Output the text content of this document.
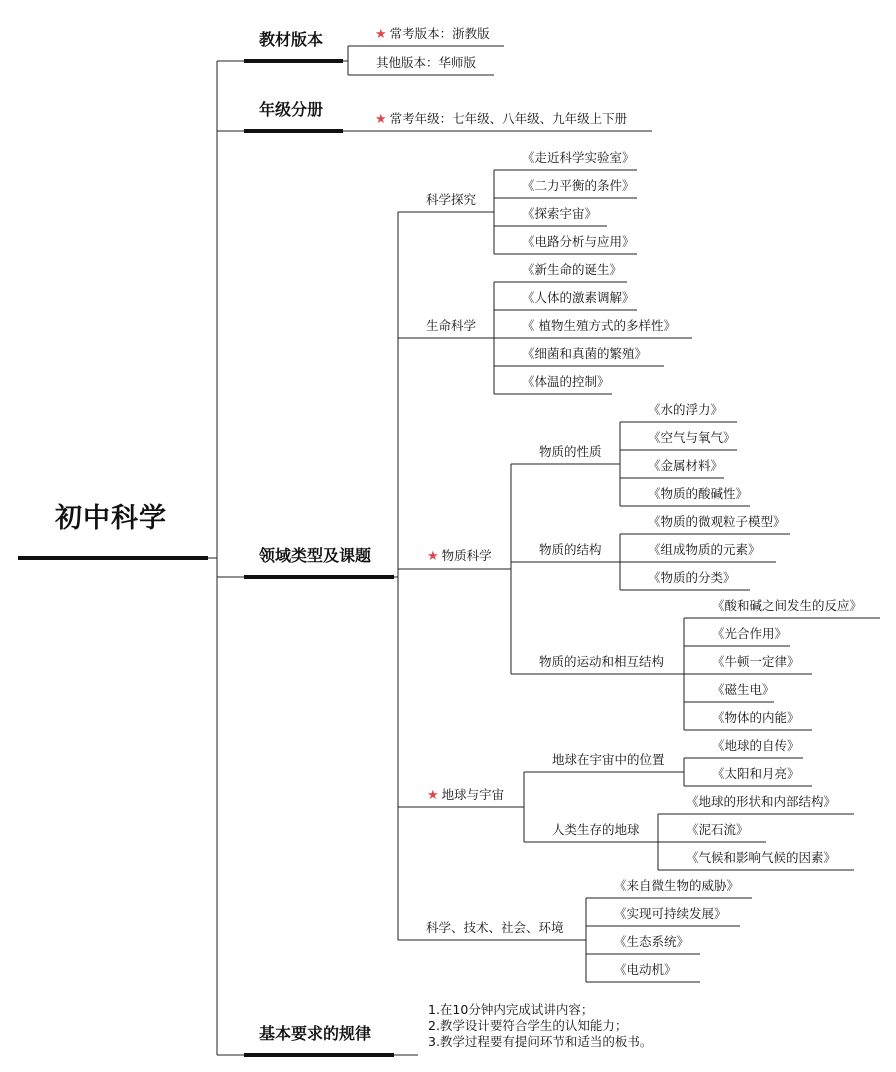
初中科学
教材版本	★ 常考版本：浙教版
其他版本：华师版
年级分册
★ 常考年级：七年级、八年级、九年级上下册
领域类型及课题
科学探究
《走近科学实验室》
《二力平衡的条件》
《探索宇宙》
《电路分析与应用》
生命科学
《新生命的诞生》
《人体的激素调解》
《 植物生殖方式的多样性》
《细菌和真菌的繁殖》
《体温的控制》
★ 物质科学
物质的性质
《水的浮力》
《空气与氧气》
《金属材料》
《物质的酸碱性》
物质的结构
《物质的微观粒子模型》
《组成物质的元素》
《物质的分类》
物质的运动和相互结构
《酸和碱之间发生的反应》
《光合作用》
《牛顿一定律》
《磁生电》
《物体的内能》
★ 地球与宇宙
地球在宇宙中的位置
《地球的自传》
《太阳和月亮》
人类生存的地球
《地球的形状和内部结构》
《泥石流》
《气候和影响气候的因素》
科学、技术、社会、环境
《来自微生物的威胁》
《实现可持续发展》
《生态系统》
《电动机》
基本要求的规律
1.在10分钟内完成试讲内容；
2.教学设计要符合学生的认知能力；
3.教学过程要有提问环节和适当的板书。
